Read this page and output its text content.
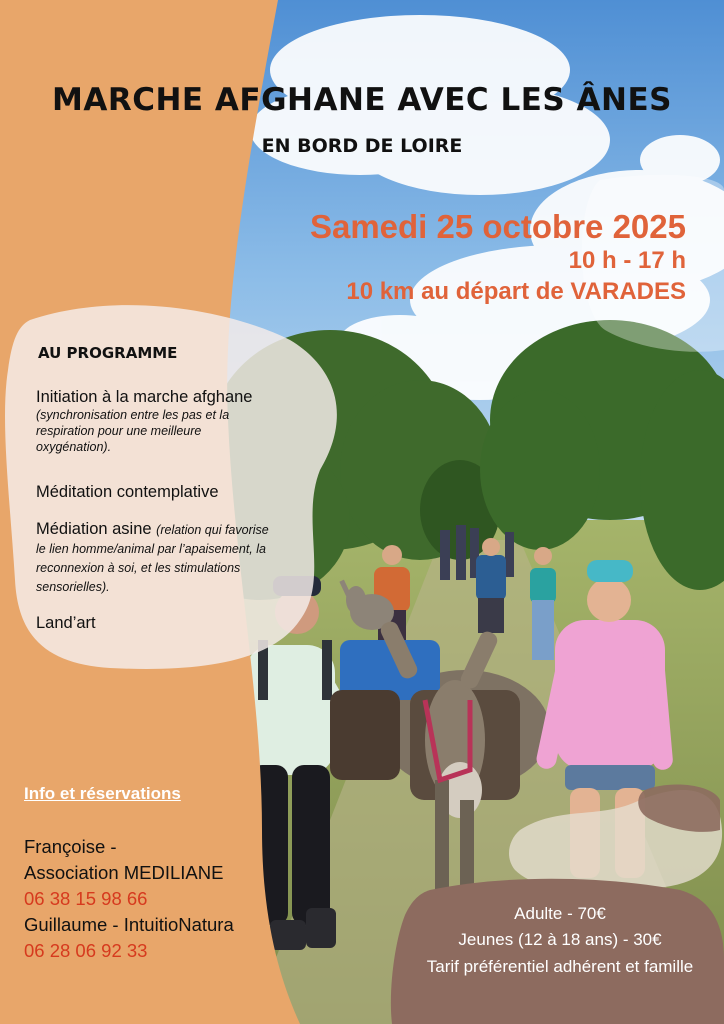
MARCHE AFGHANE AVEC LES ÂNES
EN BORD DE LOIRE
Samedi 25 octobre 2025
10 h - 17 h
10 km au départ de VARADES
AU PROGRAMME
Initiation à la marche afghane
(synchronisation entre les pas et la respiration pour une meilleure oxygénation).
Méditation contemplative
Médiation asine (relation qui favorise le lien homme/animal par l’apaisement, la reconnexion à soi, et les stimulations sensorielles).
Land’art
Info et réservations
Françoise -
Association MEDILIANE
06 38 15 98 66
Guillaume - IntuitioNatura
06 28 06 92 33
Adulte - 70€
Jeunes (12 à 18 ans) - 30€
Tarif préférentiel adhérent et famille
